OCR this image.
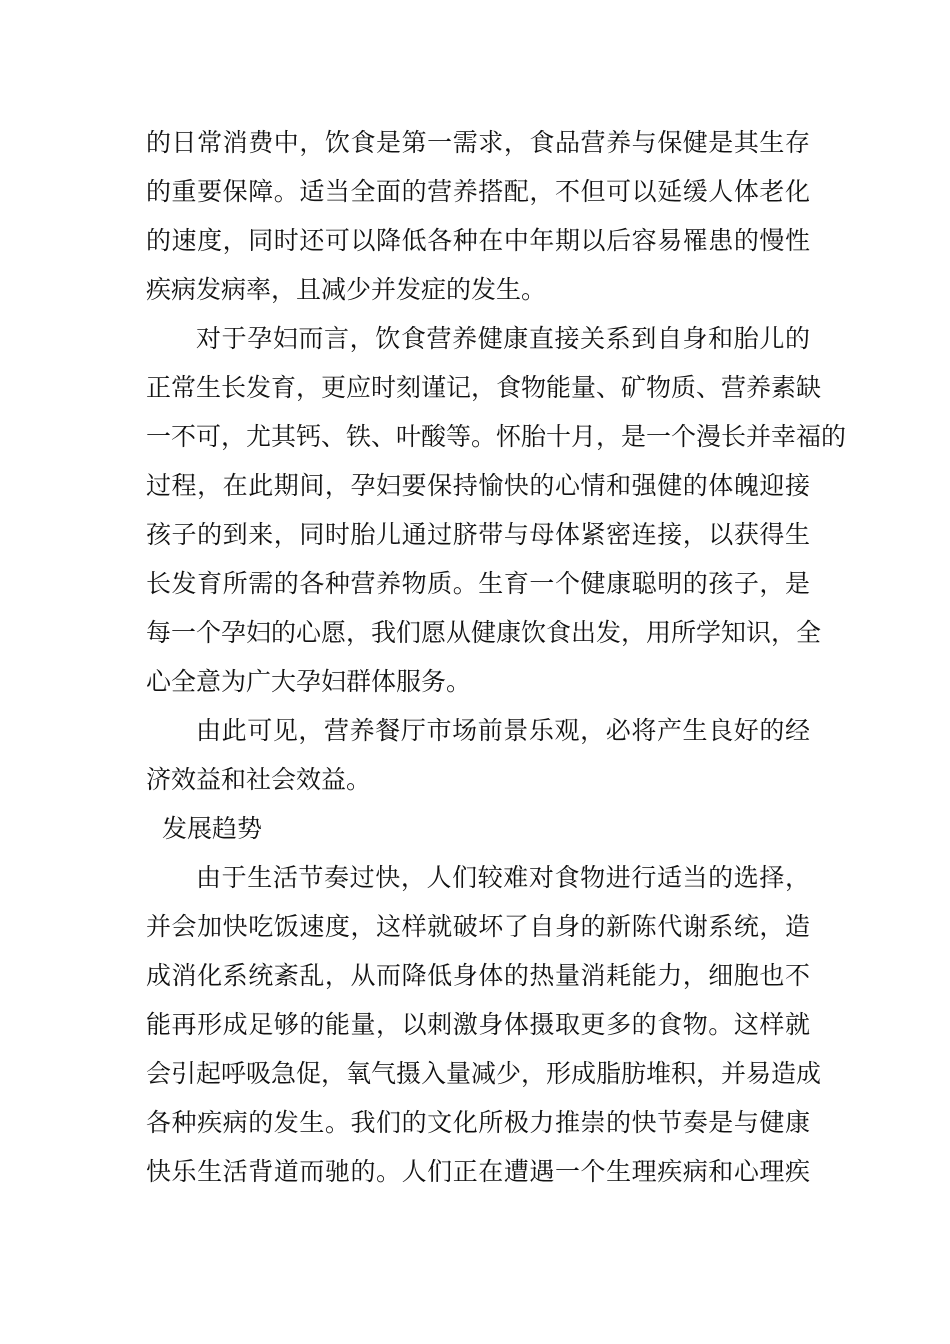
的日常消费中，饮食是第一需求，食品营养与保健是其生存
的重要保障。适当全面的营养搭配，不但可以延缓人体老化
的速度，同时还可以降低各种在中年期以后容易罹患的慢性
疾病发病率，且减少并发症的发生。
对于孕妇而言，饮食营养健康直接关系到自身和胎儿的
正常生长发育，更应时刻谨记，食物能量、矿物质、营养素缺
一不可，尤其钙、铁、叶酸等。怀胎十月，是一个漫长并幸福的
过程，在此期间，孕妇要保持愉快的心情和强健的体魄迎接
孩子的到来，同时胎儿通过脐带与母体紧密连接，以获得生
长发育所需的各种营养物质。生育一个健康聪明的孩子，是
每一个孕妇的心愿，我们愿从健康饮食出发，用所学知识，全
心全意为广大孕妇群体服务。
由此可见，营养餐厅市场前景乐观，必将产生良好的经
济效益和社会效益。
发展趋势
由于生活节奏过快，人们较难对食物进行适当的选择，
并会加快吃饭速度，这样就破坏了自身的新陈代谢系统，造
成消化系统紊乱，从而降低身体的热量消耗能力，细胞也不
能再形成足够的能量，以刺激身体摄取更多的食物。这样就
会引起呼吸急促，氧气摄入量减少，形成脂肪堆积，并易造成
各种疾病的发生。我们的文化所极力推崇的快节奏是与健康
快乐生活背道而驰的。人们正在遭遇一个生理疾病和心理疾
